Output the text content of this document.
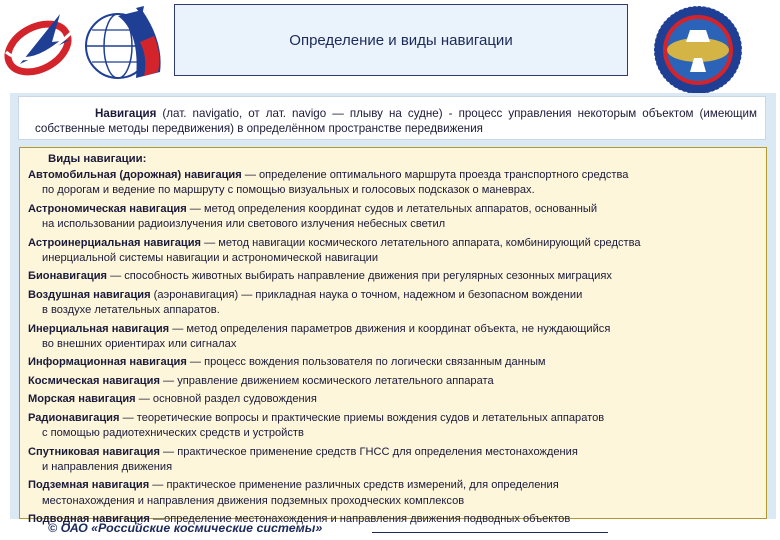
Определение и виды навигации

Навигация (лат. navigatio, от лат. navigo — плыву на судне) - процесс управления некоторым объектом (имеющим собственные методы передвижения) в определённом пространстве передвижения

Виды навигации:
Автомобильная (дорожная) навигация — определение оптимального маршрута проезда транспортного средства
по дорогам и ведение по маршруту с помощью визуальных и голосовых подсказок о маневрах.
Астрономическая навигация — метод определения координат судов и летательных аппаратов, основанный
на использовании радиоизлучения или светового излучения небесных светил
Астроинерциальная навигация — метод навигации космического летательного аппарата, комбинирующий средства
инерциальной системы навигации и астрономической навигации
Бионавигация — способность животных выбирать направление движения при регулярных сезонных миграциях
Воздушная навигация (аэронавигация) — прикладная наука о точном, надежном и безопасном вождении
в воздухе летательных аппаратов.
Инерциальная навигация — метод определения параметров движения и координат объекта, не нуждающийся
во внешних ориентирах или сигналах
Информационная навигация — процесс вождения пользователя по логически связанным данным
Космическая навигация — управление движением космического летательного аппарата
Морская навигация — основной раздел судовождения
Радионавигация — теоретические вопросы и практические приемы вождения судов и летательных аппаратов
с помощью радиотехнических средств и устройств
Спутниковая навигация — практическое применение средств ГНСС для определения местонахождения
и направления движения
Подземная навигация — практическое применение различных средств измерений, для определения
местонахождения и направления движения подземных проходческих комплексов
Подводная навигация —определение местонахождения и направления движения подводных объектов
© ОАО «Российские космические системы»
